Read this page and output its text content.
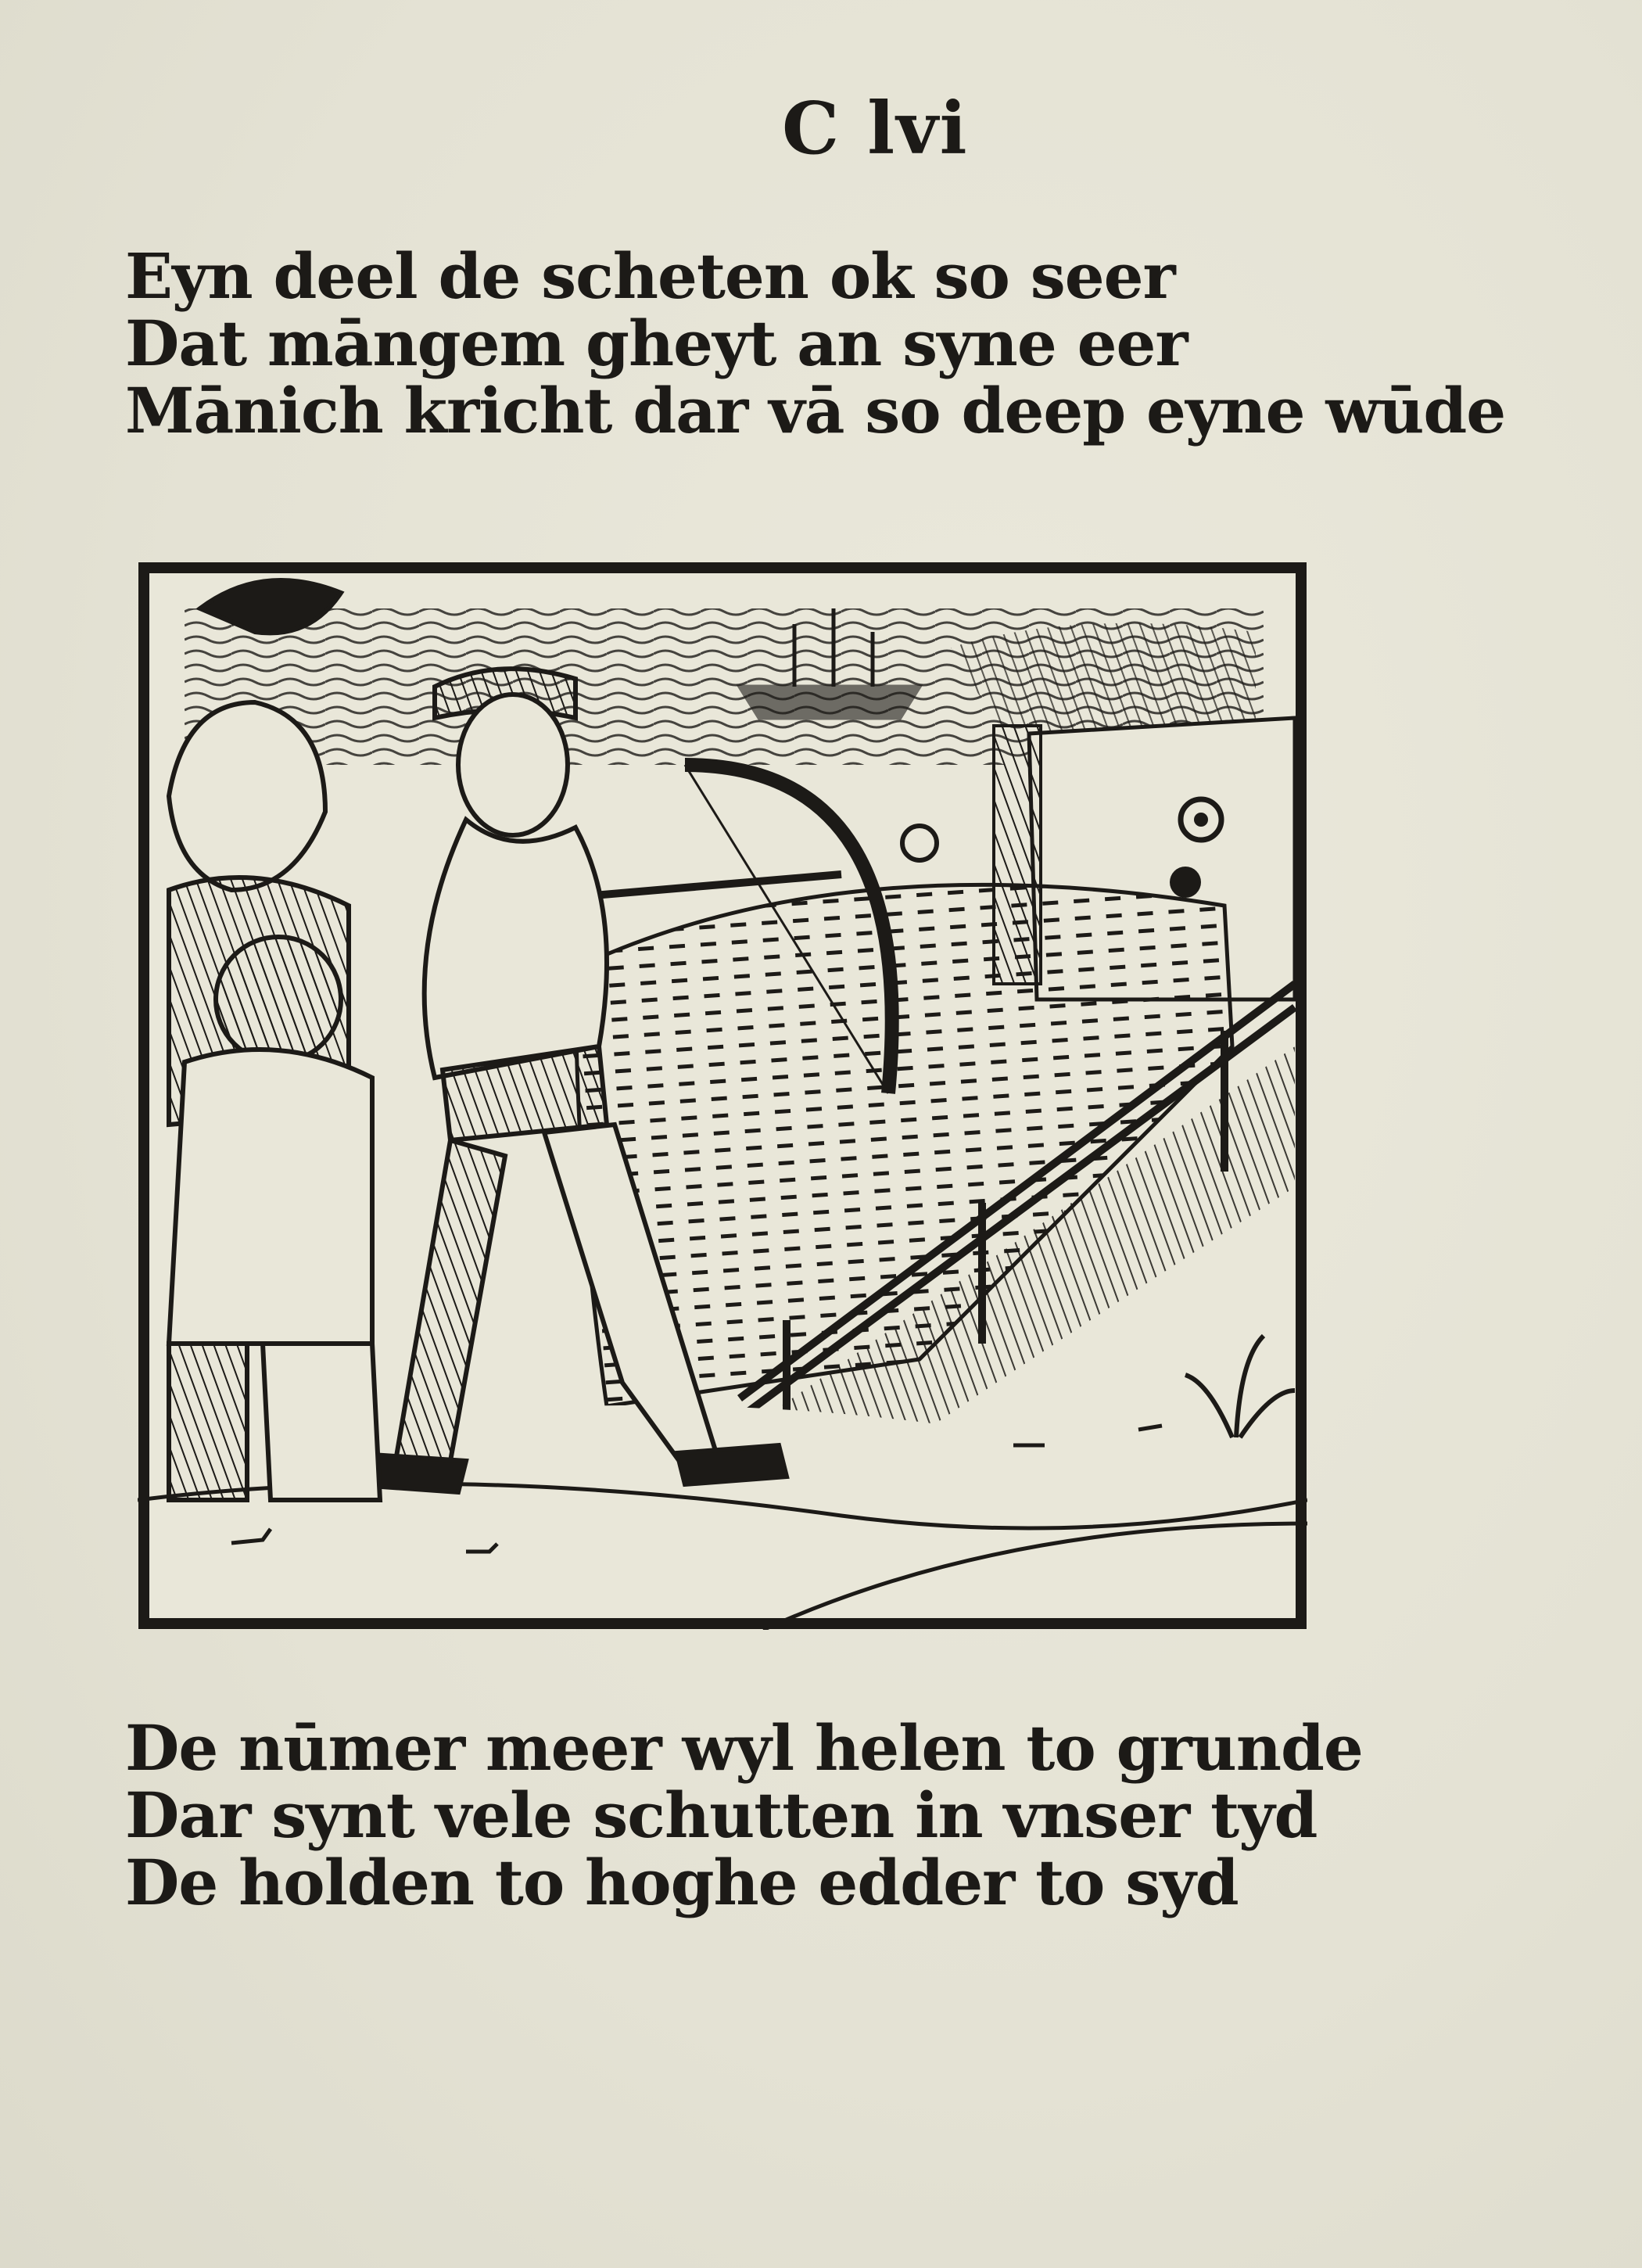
C lvi
Eyn deel de scheten ok so seer
Dat māngem gheyt an syne eer
Mānich kricht dar vā so deep eyne wūde
De nūmer meer wyl helen to grunde
Dar synt vele schutten in vnser tyd
De holden to hoghe edder to syd
